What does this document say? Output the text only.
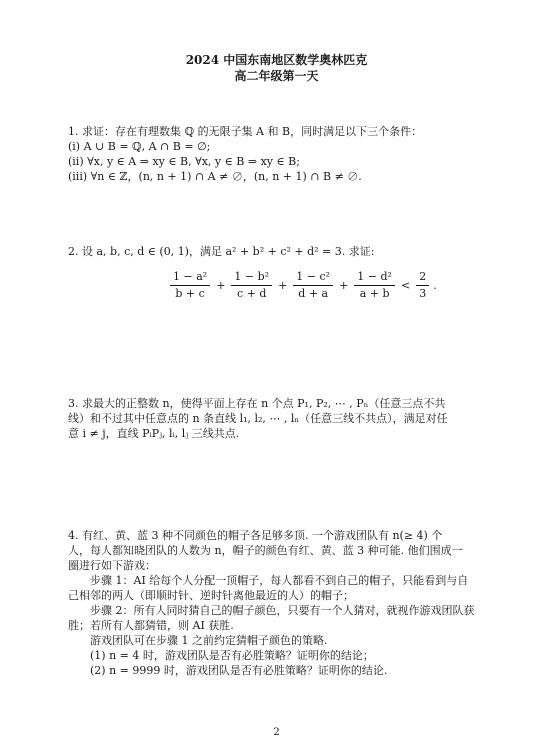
2024 中国东南地区数学奥林匹克
高二年级第一天
1. 求证：存在有理数集 ℚ 的无限子集 A 和 B，同时满足以下三个条件：
(i) A ∪ B = ℚ, A ∩ B = ∅;
(ii) ∀x, y ∈ A ⇒ xy ∈ B, ∀x, y ∈ B ⇒ xy ∈ B;
(iii) ∀n ∈ ℤ，(n, n + 1) ∩ A ≠ ∅，(n, n + 1) ∩ B ≠ ∅.
2. 设 a, b, c, d ∈ (0, 1)，满足 a² + b² + c² + d² = 3. 求证:
$\frac{\text{1 − a²}}{b + c} + \frac{\text{1 − b²}}{c + d} + \frac{\text{1 − c²}}{d + a} + \frac{\text{1 − d²}}{a + b} < \frac{2}{3}$ .
3. 求最大的正整数 n，使得平面上存在 n 个点 P₁, P₂, ⋯ , Pₙ（任意三点不共
线）和不过其中任意点的 n 条直线 l₁, l₂, ⋯ , lₙ（任意三线不共点），满足对任
意 i ≠ j，直线 PᵢPⱼ, lᵢ, lⱼ 三线共点.
4. 有红、黄、蓝 3 种不同颜色的帽子各足够多顶. 一个游戏团队有 n(≥ 4) 个
人，每人都知晓团队的人数为 n，帽子的颜色有红、黄、蓝 3 种可能. 他们围成一
圈进行如下游戏：
步骤 1：AI 给每个人分配一顶帽子，每人都看不到自己的帽子，只能看到与自
己相邻的两人（即顺时针、逆时针离他最近的人）的帽子；
步骤 2：所有人同时猜自己的帽子颜色，只要有一个人猜对，就视作游戏团队获
胜；若所有人都猜错，则 AI 获胜.
游戏团队可在步骤 1 之前约定猜帽子颜色的策略.
(1) n = 4 时，游戏团队是否有必胜策略？证明你的结论；
(2) n = 9999 时，游戏团队是否有必胜策略？证明你的结论.
2
